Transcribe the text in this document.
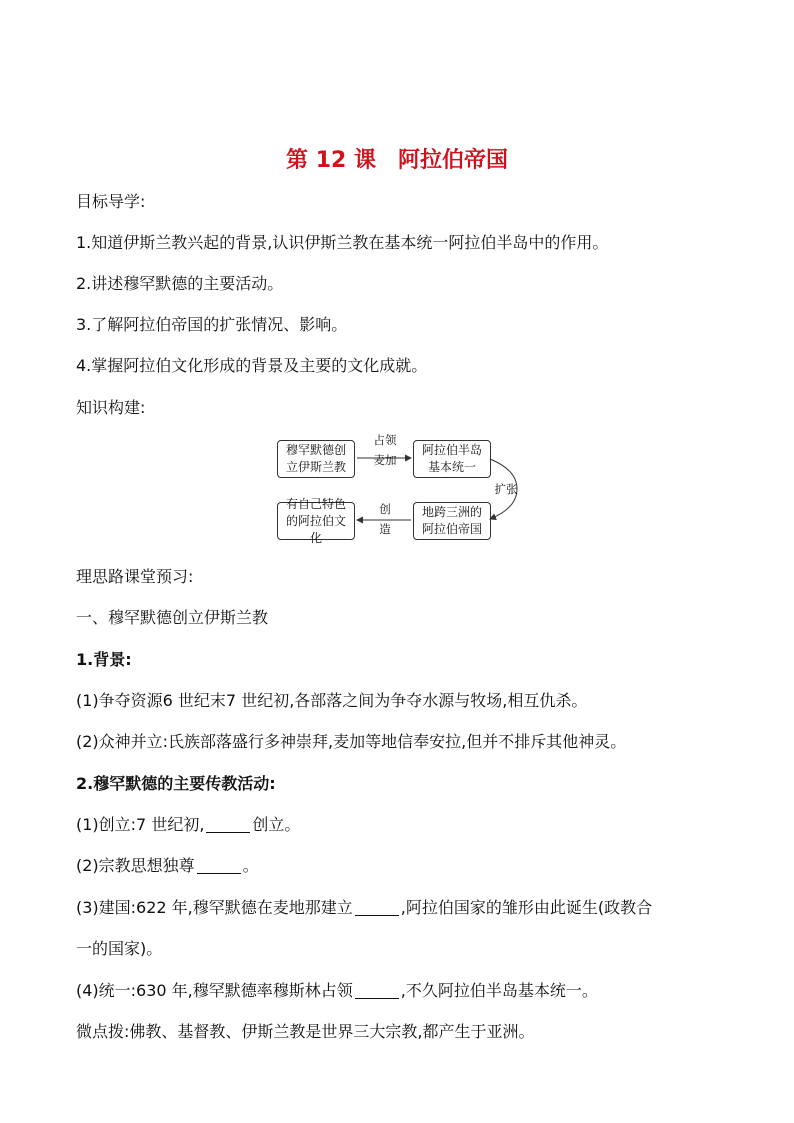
第 12 课　阿拉伯帝国
目标导学:
1.知道伊斯兰教兴起的背景,认识伊斯兰教在基本统一阿拉伯半岛中的作用。
2.讲述穆罕默德的主要活动。
3.了解阿拉伯帝国的扩张情况、影响。
4.掌握阿拉伯文化形成的背景及主要的文化成就。
知识构建:
穆罕默德创立伊斯兰教
阿拉伯半岛基本统一
地跨三洲的阿拉伯帝国
有自己特色的阿拉伯文化
占领
麦加
扩张
创
造
理思路课堂预习:
一、穆罕默德创立伊斯兰教
1.背景:
(1)争夺资源6 世纪末7 世纪初,各部落之间为争夺水源与牧场,相互仇杀。
(2)众神并立:氏族部落盛行多神崇拜,麦加等地信奉安拉,但并不排斥其他神灵。
2.穆罕默德的主要传教活动:
(1)创立:7 世纪初,	创立。
(2)宗教思想独尊	。
(3)建国:622 年,穆罕默德在麦地那建立	,阿拉伯国家的雏形由此诞生(政教合
一的国家)。
(4)统一:630 年,穆罕默德率穆斯林占领	,不久阿拉伯半岛基本统一。
微点拨:佛教、基督教、伊斯兰教是世界三大宗教,都产生于亚洲。
